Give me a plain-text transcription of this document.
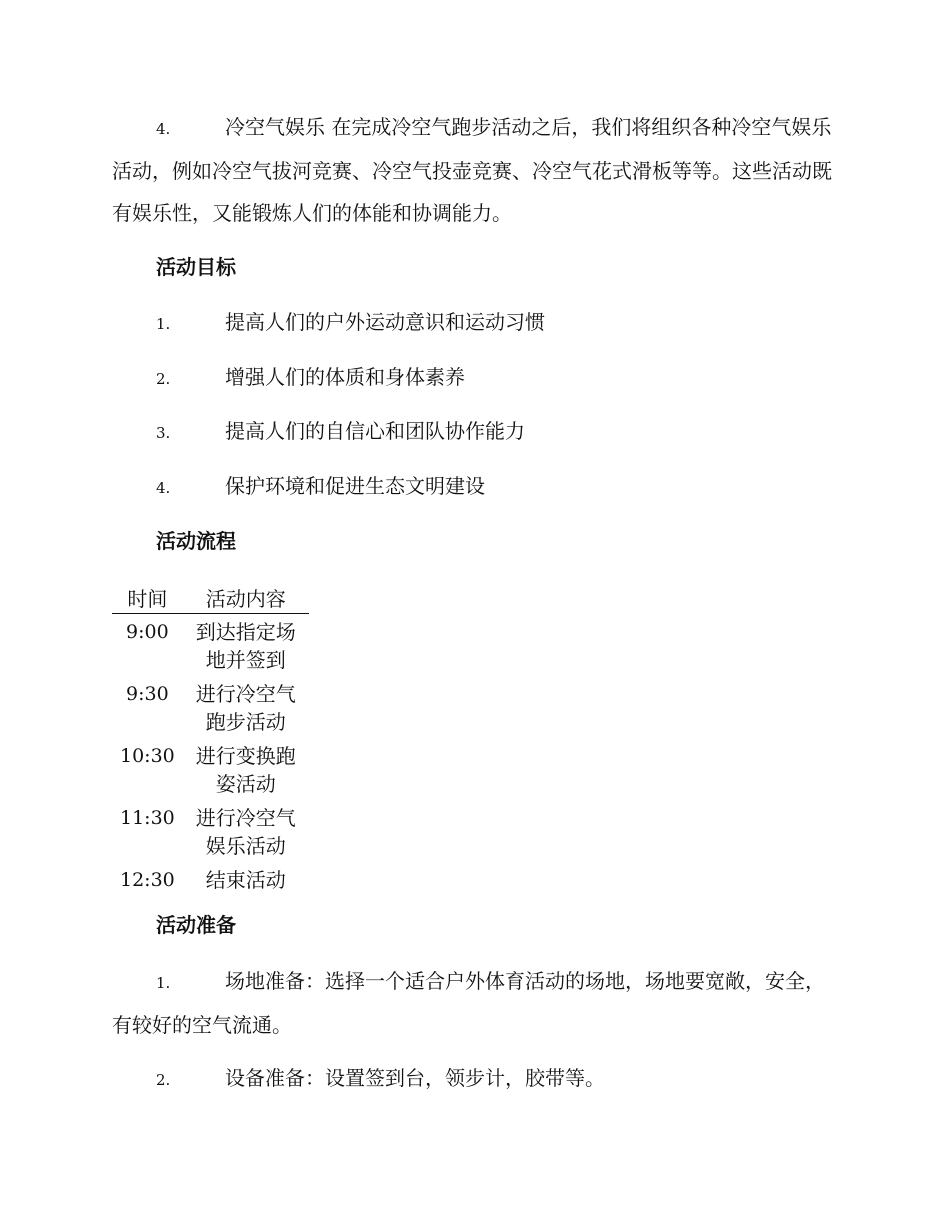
4.	冷空气娱乐 在完成冷空气跑步活动之后，我们将组织各种冷空气娱乐活动，例如冷空气拔河竞赛、冷空气投壶竞赛、冷空气花式滑板等等。这些活动既有娱乐性，又能锻炼人们的体能和协调能力。
活动目标
1.	提高人们的户外运动意识和运动习惯
2.	增强人们的体质和身体素养
3.	提高人们的自信心和团队协作能力
4.	保护环境和促进生态文明建设
活动流程
时间	活动内容
9:00	到达指定场地并签到
9:30	进行冷空气跑步活动
10:30	进行变换跑姿活动
11:30	进行冷空气娱乐活动
12:30	结束活动
活动准备
1.	场地准备：选择一个适合户外体育活动的场地，场地要宽敞，安全，有较好的空气流通。
2.	设备准备：设置签到台，领步计，胶带等。
